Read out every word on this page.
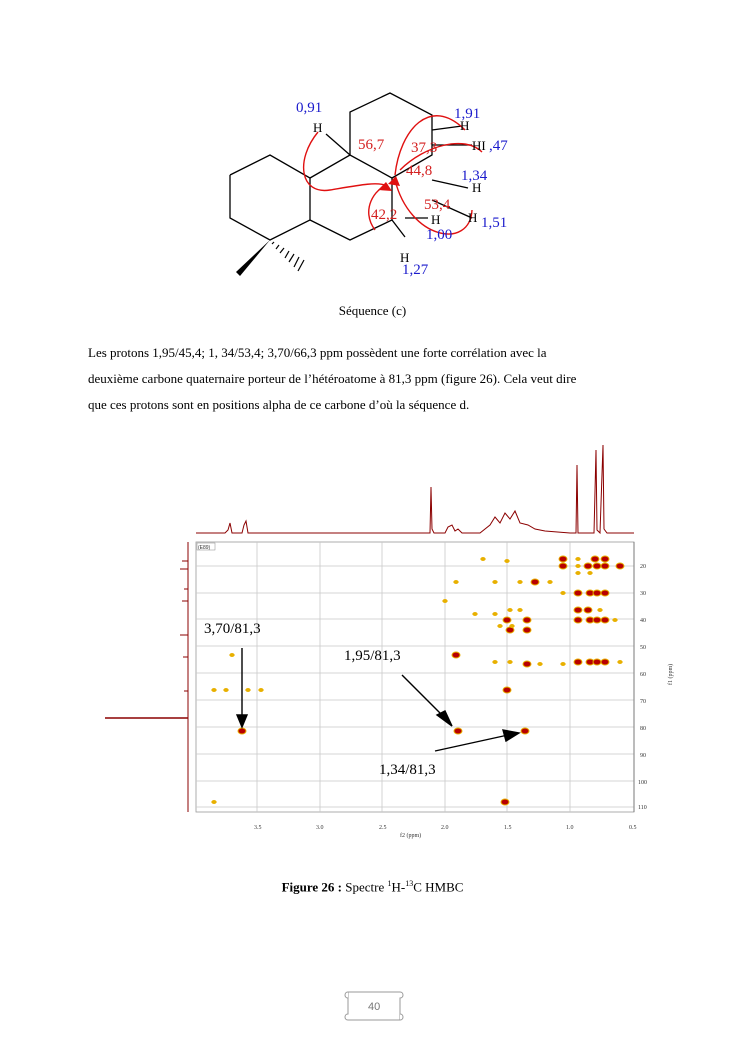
H	H
HI
H
H H
H
0,91	1,91
,47
1,34
1,51
1,00
1,27
56,7 37,3
44,8
53,4
42,2
Séquence (c)
Les protons 1,95/45,4; 1, 34/53,4; 3,70/66,3 ppm possèdent une forte corrélation avec la
deuxième carbone quaternaire porteur de l’hétéroatome à 81,3 ppm (figure 26). Cela veut dire
que ces protons sont en positions alpha de ce carbone d’où la séquence d.
(E89)
3.5	3.0	2.5	2.0	1.5	1.0	0.5
f2 (ppm)
20
30
40
50
60
70
80
90
100
110
f1 (ppm)
3,70/81,3
1,95/81,3
1,34/81,3
Figure 26 : Spectre $^1$H-$^{13}$C HMBC
40
